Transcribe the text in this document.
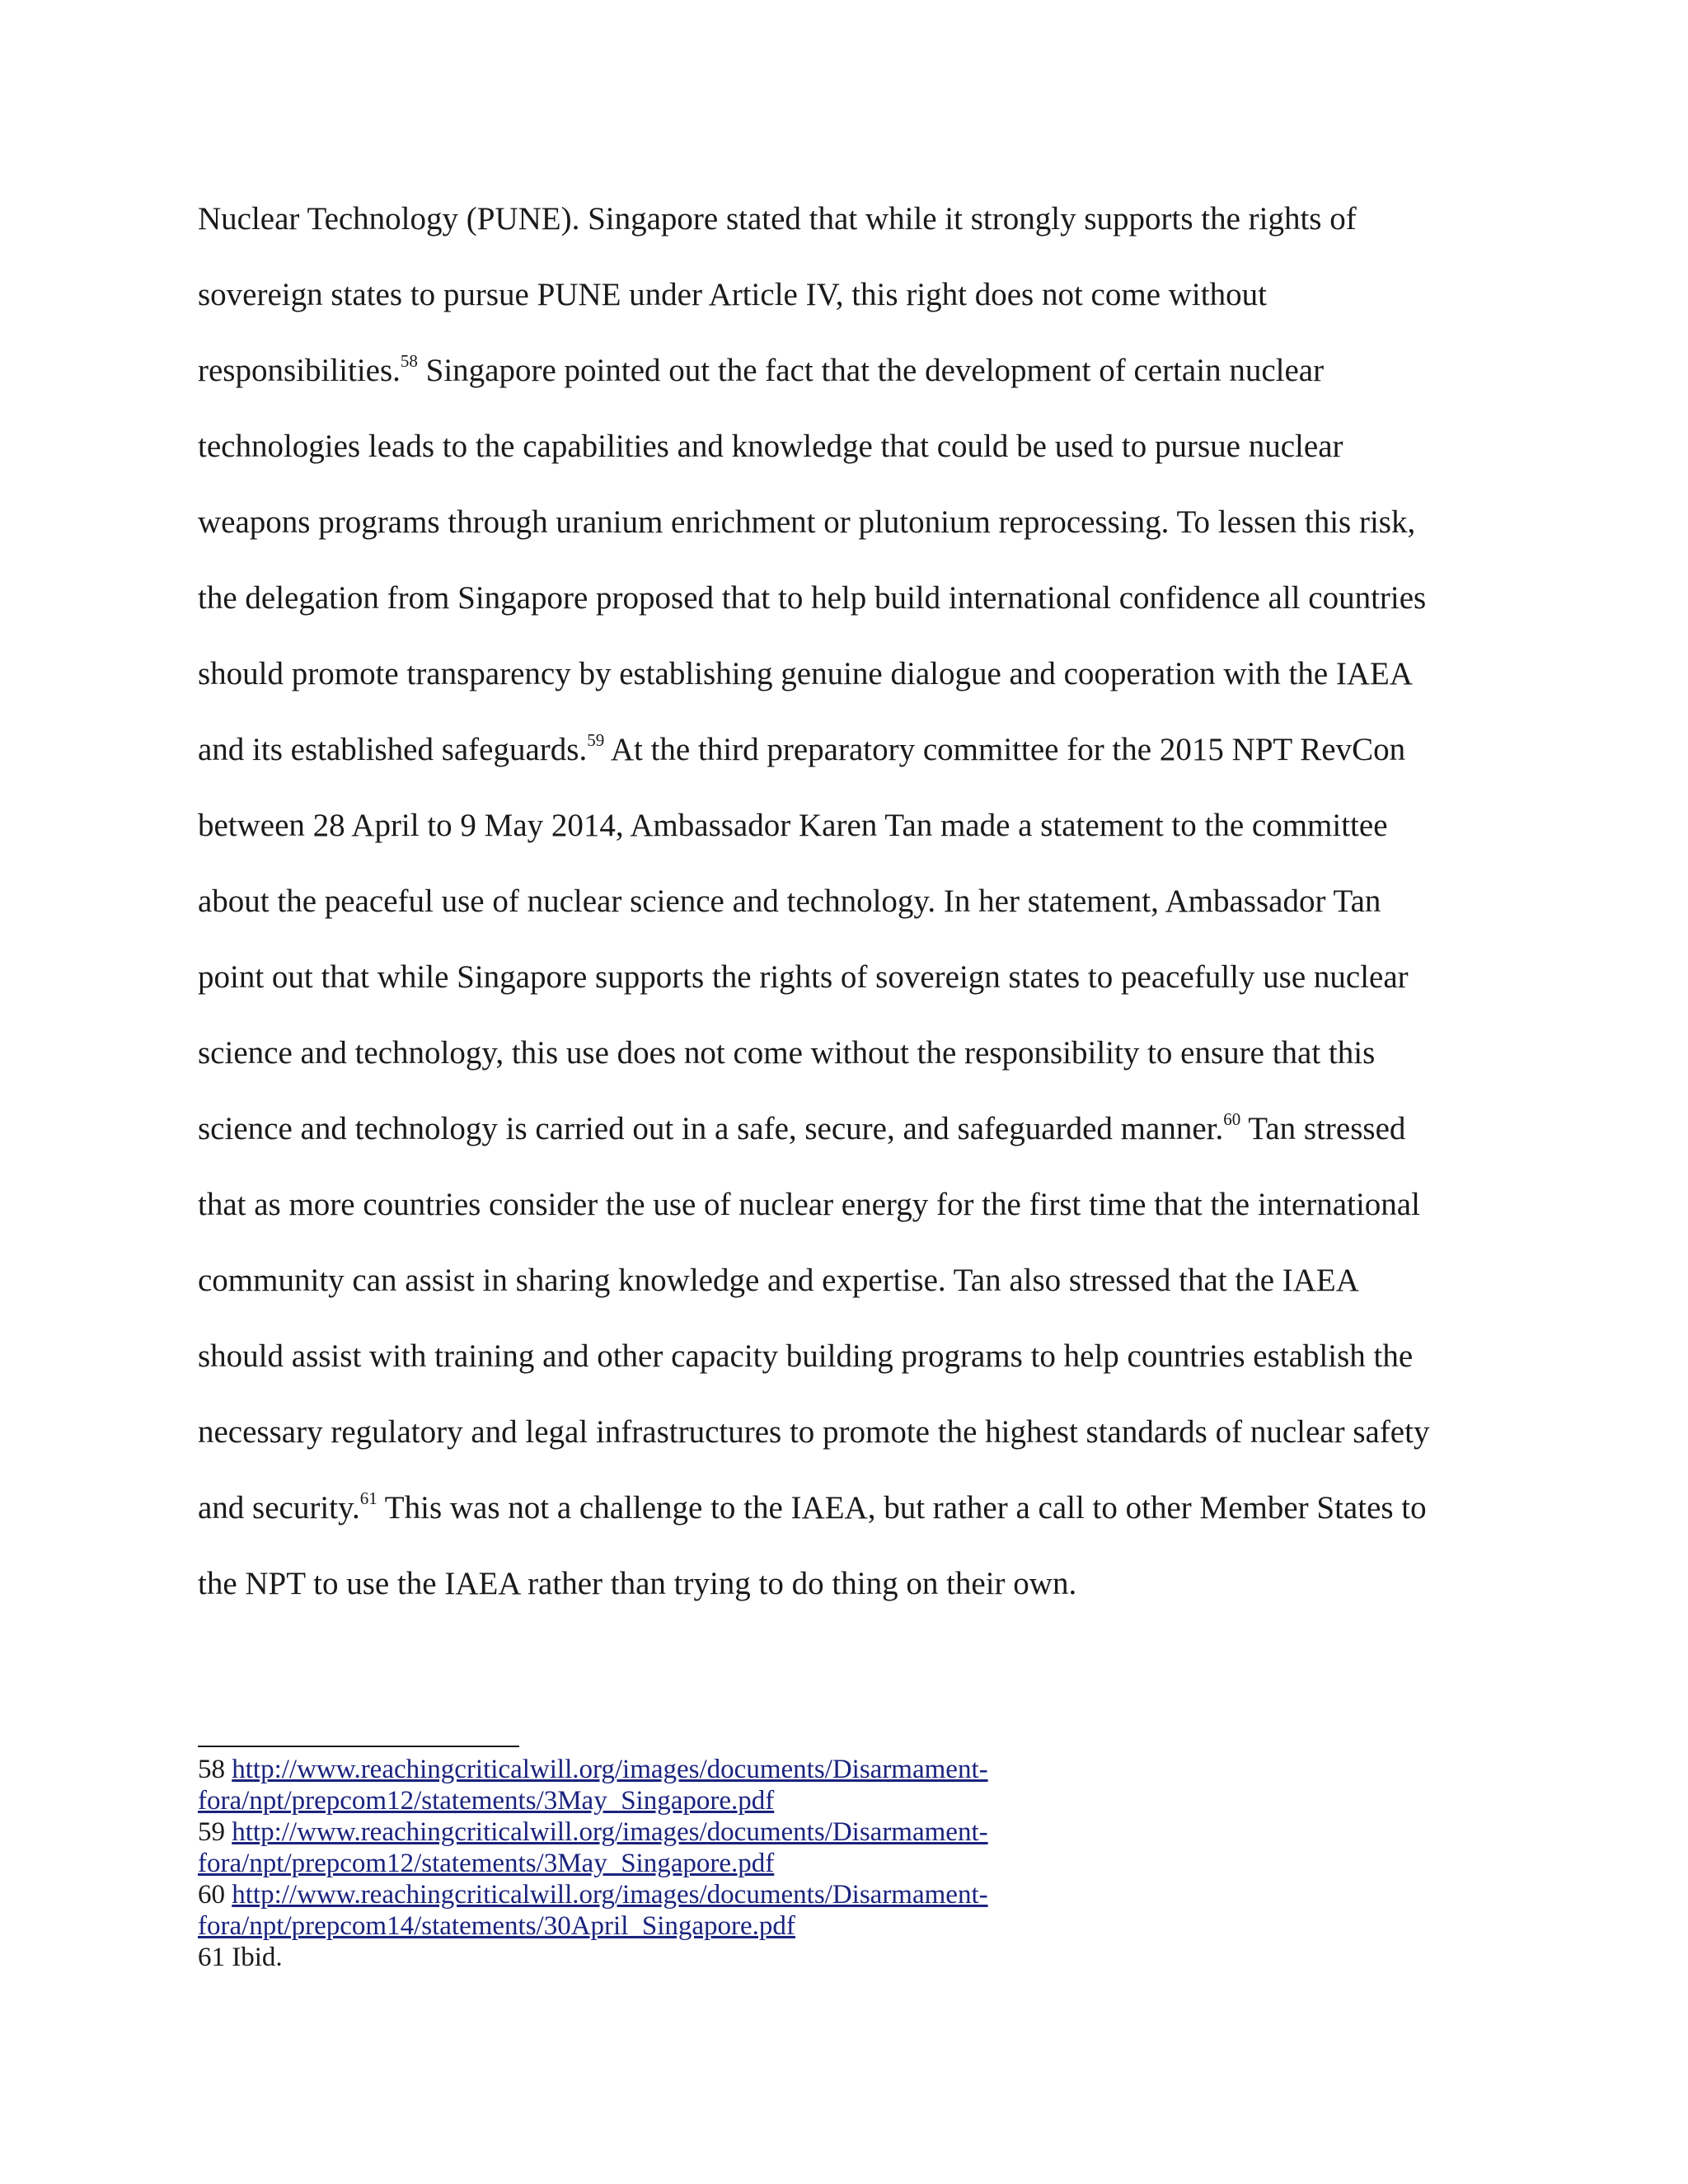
Nuclear Technology (PUNE). Singapore stated that while it strongly supports the rights of
sovereign states to pursue PUNE under Article IV, this right does not come without
responsibilities.$^{58}$ Singapore pointed out the fact that the development of certain nuclear
technologies leads to the capabilities and knowledge that could be used to pursue nuclear
weapons programs through uranium enrichment or plutonium reprocessing. To lessen this risk,
the delegation from Singapore proposed that to help build international confidence all countries
should promote transparency by establishing genuine dialogue and cooperation with the IAEA
and its established safeguards.$^{59}$ At the third preparatory committee for the 2015 NPT RevCon
between 28 April to 9 May 2014, Ambassador Karen Tan made a statement to the committee
about the peaceful use of nuclear science and technology. In her statement, Ambassador Tan
point out that while Singapore supports the rights of sovereign states to peacefully use nuclear
science and technology, this use does not come without the responsibility to ensure that this
science and technology is carried out in a safe, secure, and safeguarded manner.$^{60}$ Tan stressed
that as more countries consider the use of nuclear energy for the first time that the international
community can assist in sharing knowledge and expertise. Tan also stressed that the IAEA
should assist with training and other capacity building programs to help countries establish the
necessary regulatory and legal infrastructures to promote the highest standards of nuclear safety
and security.$^{61}$ This was not a challenge to the IAEA, but rather a call to other Member States to
the NPT to use the IAEA rather than trying to do thing on their own.
58 http://www.reachingcriticalwill.org/images/documents/Disarmament-
fora/npt/prepcom12/statements/3May_Singapore.pdf
59 http://www.reachingcriticalwill.org/images/documents/Disarmament-
fora/npt/prepcom12/statements/3May_Singapore.pdf
60 http://www.reachingcriticalwill.org/images/documents/Disarmament-
fora/npt/prepcom14/statements/30April_Singapore.pdf
61 Ibid.
